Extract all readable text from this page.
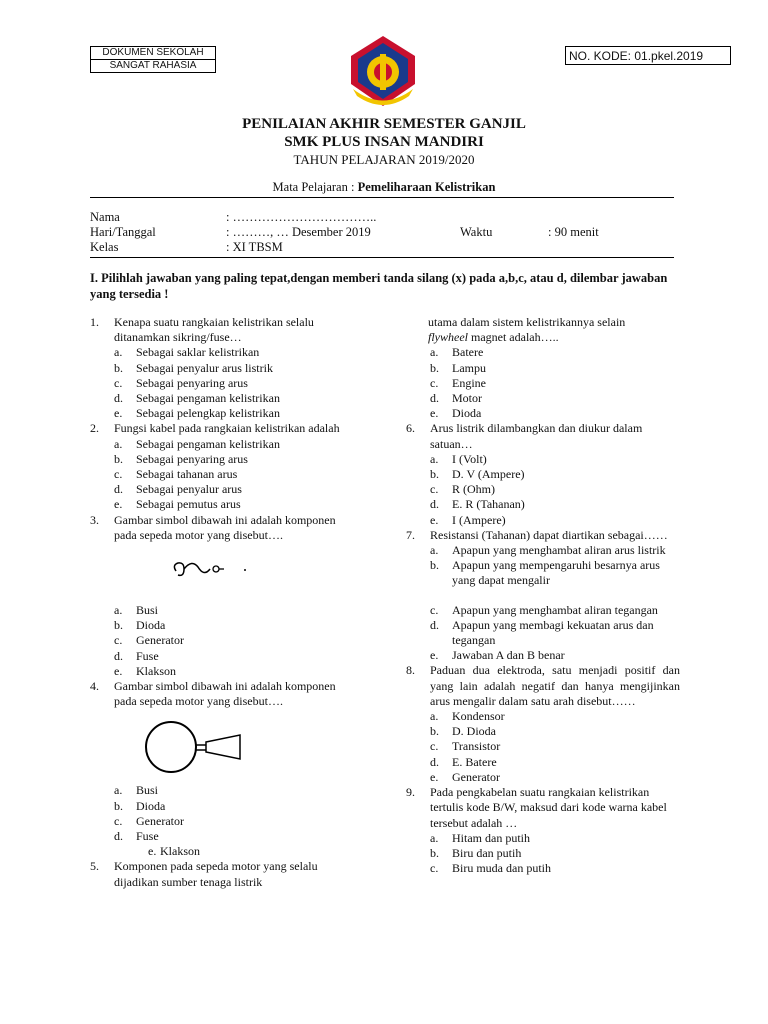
DOKUMEN SEKOLAH
SANGAT RAHASIA
NO. KODE: 01.pkel.2019
PENILAIAN AKHIR SEMESTER GANJIL
SMK PLUS INSAN MANDIRI
TAHUN PELAJARAN 2019/2020
Mata Pelajaran : Pemeliharaan Kelistrikan
Nama	: ……………………………..
Hari/Tanggal	: ………, … Desember 2019	Waktu	: 90 menit
Kelas	: XI TBSM
I. Pilihlah jawaban yang paling tepat,dengan memberi tanda silang (x) pada a,b,c, atau d, dilembar jawaban yang tersedia !
1. Kenapa suatu rangkaian kelistrikan selalu ditanamkan sikring/fuse…
a. Sebagai saklar kelistrikan
b. Sebagai penyalur arus listrik
c. Sebagai penyaring arus
d. Sebagai pengaman kelistrikan
e. Sebagai pelengkap kelistrikan
2. Fungsi kabel pada rangkaian kelistrikan adalah
a. Sebagai pengaman kelistrikan
b. Sebagai penyaring arus
c. Sebagai tahanan arus
d. Sebagai penyalur arus
e. Sebagai pemutus arus
3. Gambar simbol dibawah ini adalah komponen pada sepeda motor yang disebut….
a. Busi
b. Dioda
c. Generator
d. Fuse
e. Klakson
4. Gambar simbol dibawah ini adalah komponen pada sepeda motor yang disebut….
a. Busi
b. Dioda
c. Generator
d. Fuse
e. Klakson
5. Komponen pada sepeda motor yang selalu dijadikan sumber tenaga listrik
utama dalam sistem kelistrikannya selain
flywheel magnet adalah…..
a. Batere
b. Lampu
c. Engine
d. Motor
e. Dioda
6. Arus listrik dilambangkan dan diukur dalam satuan…
a. I (Volt)
b. D. V (Ampere)
c. R (Ohm)
d. E. R (Tahanan)
e. I (Ampere)
7. Resistansi (Tahanan) dapat diartikan sebagai……
a. Apapun yang menghambat aliran arus listrik
b. Apapun yang mempengaruhi besarnya arus yang dapat mengalir
c. Apapun yang menghambat aliran tegangan
d. Apapun yang membagi kekuatan arus dan tegangan
e. Jawaban A dan B benar
8. Paduan dua elektroda, satu menjadi positif dan yang lain adalah negatif dan hanya mengijinkan arus mengalir dalam satu arah disebut……
a. Kondensor
b. D. Dioda
c. Transistor
d. E. Batere
e. Generator
9. Pada pengkabelan suatu rangkaian kelistrikan tertulis kode B/W, maksud dari kode warna kabel tersebut adalah …
a. Hitam dan putih
b. Biru dan putih
c. Biru muda dan putih
